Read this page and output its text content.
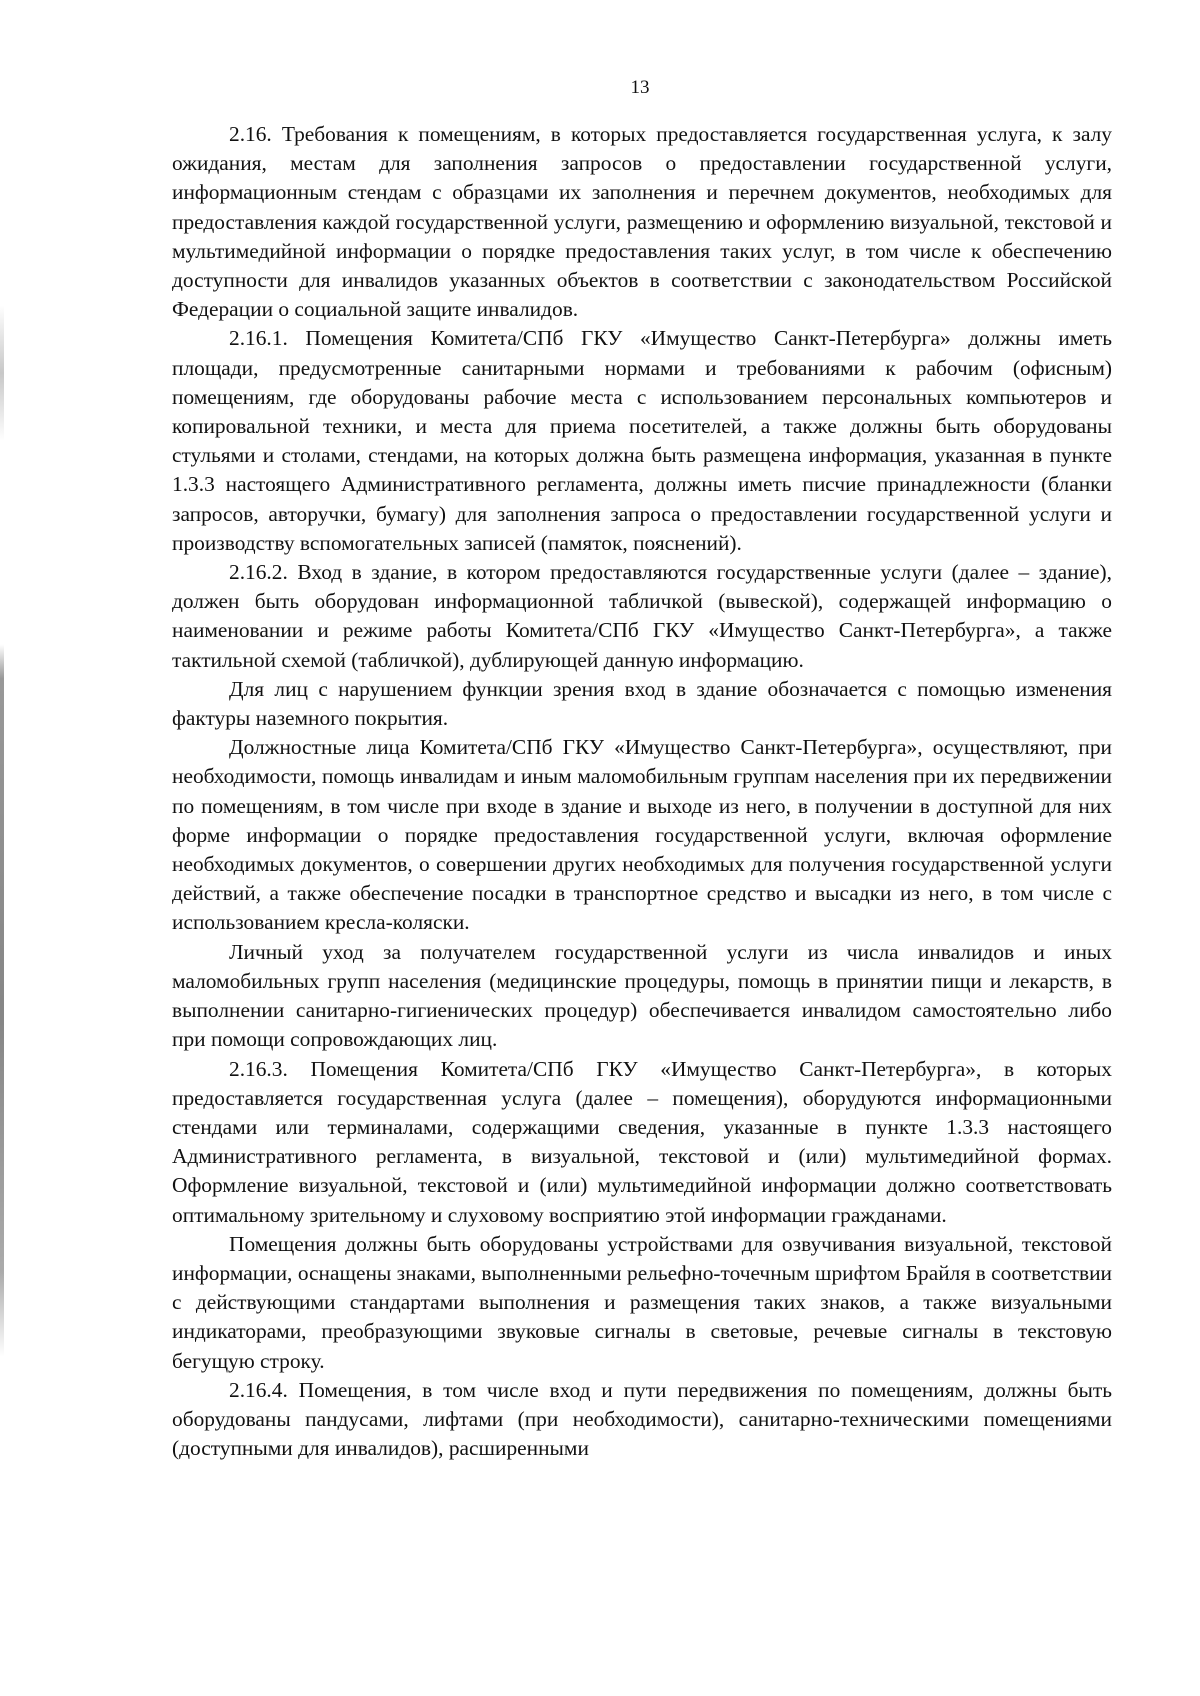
13

2.16. Требования к помещениям, в которых предоставляется государственная услуга, к залу ожидания, местам для заполнения запросов о предоставлении государственной услуги, информационным стендам с образцами их заполнения и перечнем документов, необходимых для предоставления каждой государственной услуги, размещению и оформлению визуальной, текстовой и мультимедийной информации о порядке предоставления таких услуг, в том числе к обеспечению доступности для инвалидов указанных объектов в соответствии с законодательством Российской Федерации о социальной защите инвалидов.

2.16.1. Помещения Комитета/СПб ГКУ «Имущество Санкт-Петербурга» должны иметь площади, предусмотренные санитарными нормами и требованиями к рабочим (офисным) помещениям, где оборудованы рабочие места с использованием персональных компьютеров и копировальной техники, и места для приема посетителей, а также должны быть оборудованы стульями и столами, стендами, на которых должна быть размещена информация, указанная в пункте 1.3.3 настоящего Административного регламента, должны иметь писчие принадлежности (бланки запросов, авторучки, бумагу) для заполнения запроса о предоставлении государственной услуги и производству вспомогательных записей (памяток, пояснений).

2.16.2. Вход в здание, в котором предоставляются государственные услуги (далее – здание), должен быть оборудован информационной табличкой (вывеской), содержащей информацию о наименовании и режиме работы Комитета/СПб ГКУ «Имущество Санкт-Петербурга», а также тактильной схемой (табличкой), дублирующей данную информацию.

Для лиц с нарушением функции зрения вход в здание обозначается с помощью изменения фактуры наземного покрытия.

Должностные лица Комитета/СПб ГКУ «Имущество Санкт-Петербурга», осуществляют, при необходимости, помощь инвалидам и иным маломобильным группам населения при их передвижении по помещениям, в том числе при входе в здание и выходе из него, в получении в доступной для них форме информации о порядке предоставления государственной услуги, включая оформление необходимых документов, о совершении других необходимых для получения государственной услуги действий, а также обеспечение посадки в транспортное средство и высадки из него, в том числе с использованием кресла-коляски.

Личный уход за получателем государственной услуги из числа инвалидов и иных маломобильных групп населения (медицинские процедуры, помощь в принятии пищи и лекарств, в выполнении санитарно-гигиенических процедур) обеспечивается инвалидом самостоятельно либо при помощи сопровождающих лиц.

2.16.3. Помещения Комитета/СПб ГКУ «Имущество Санкт-Петербурга», в которых предоставляется государственная услуга (далее – помещения), оборудуются информационными стендами или терминалами, содержащими сведения, указанные в пункте 1.3.3 настоящего Административного регламента, в визуальной, текстовой и (или) мультимедийной формах. Оформление визуальной, текстовой и (или) мультимедийной информации должно соответствовать оптимальному зрительному и слуховому восприятию этой информации гражданами.

Помещения должны быть оборудованы устройствами для озвучивания визуальной, текстовой информации, оснащены знаками, выполненными рельефно-точечным шрифтом Брайля в соответствии с действующими стандартами выполнения и размещения таких знаков, а также визуальными индикаторами, преобразующими звуковые сигналы в световые, речевые сигналы в текстовую бегущую строку.

2.16.4. Помещения, в том числе вход и пути передвижения по помещениям, должны быть оборудованы пандусами, лифтами (при необходимости), санитарно-техническими помещениями (доступными для инвалидов), расширенными
